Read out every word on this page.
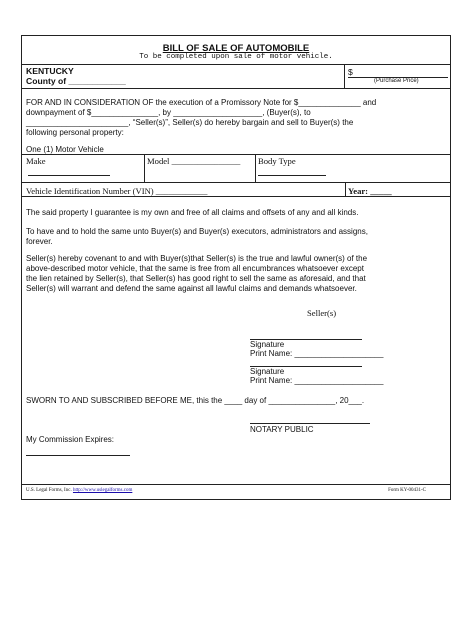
BILL OF SALE OF AUTOMOBILE
To be completed upon sale of motor vehicle.
KENTUCKY
County of ____________
$
(Purchase Price)
FOR AND IN CONSIDERATION OF the execution of a Promissory Note for $______________ and
downpayment of $_______________, by ____________________, (Buyer(s), to
_______________________, “Seller(s)”, Seller(s) do hereby bargain and sell to Buyer(s) the
following personal property:
One (1) Motor Vehicle
Make	Model ________________ Body Type
Vehicle Identification Number (VIN) ____________	Year: _____
The said property I guarantee is my own and free of all claims and offsets of any and all kinds.
To have and to hold the same unto Buyer(s) and Buyer(s) executors, administrators and assigns,
forever.
Seller(s) hereby covenant to and with Buyer(s)that Seller(s) is the true and lawful owner(s) of the
above-described motor vehicle, that the same is free from all encumbrances whatsoever except
the lien retained by Seller(s), that Seller(s) has good right to sell the same as aforesaid, and that
Seller(s) will warrant and defend the same against all lawful claims and demands whatsoever.
Seller(s)
Signature
Print Name: ____________________
Signature
Print Name: ____________________
SWORN TO AND SUBSCRIBED BEFORE ME, this the ____ day of _______________, 20___.
NOTARY PUBLIC
My Commission Expires:
U.S. Legal Forms, Inc. http://www.uslegalforms.com	Form KY-00431-C
